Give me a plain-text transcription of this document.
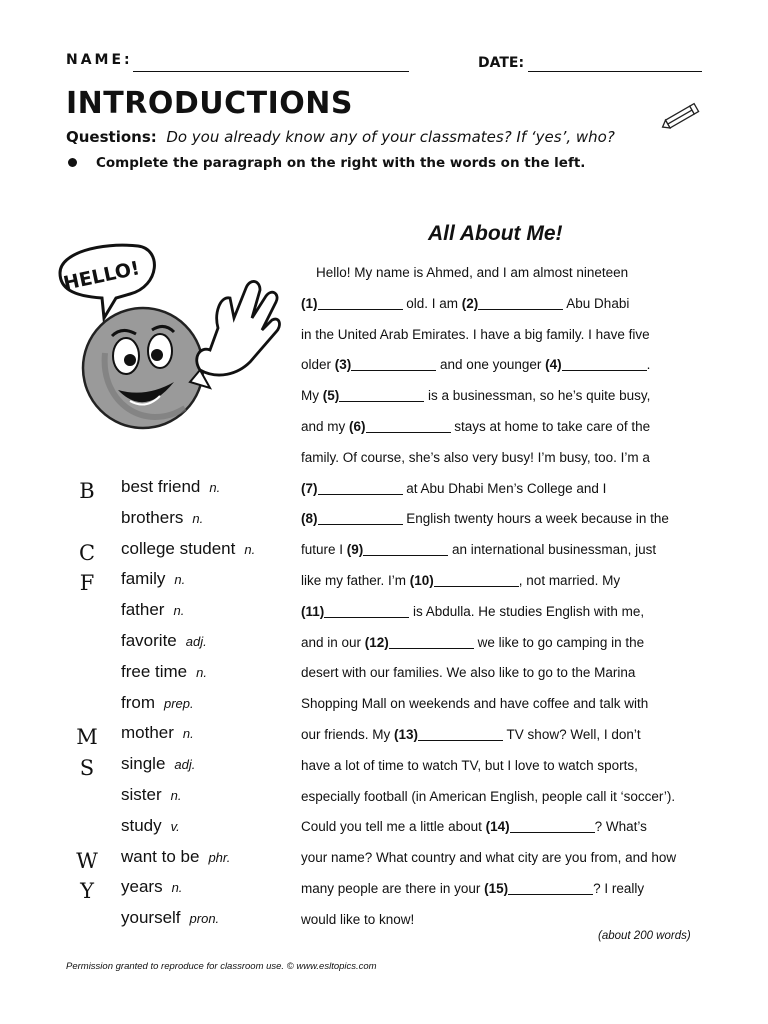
NAME:	DATE:
INTRODUCTIONS
Questions: Do you already know any of your classmates? If ‘yes’, who?
Complete the paragraph on the right with the words on the left.
HELLO!
B	best friend n.
brothers n.
C college student n.
F	family n.
father n.
favorite adj.
free time n.
from prep.
M mother n.
S	single adj.
sister n.
study v.
W want to be phr.
Y	years n.
yourself pron.
All About Me!
Hello! My name is Ahmed, and I am almost nineteen
(1)	old. I am (2)	Abu Dhabi
in the United Arab Emirates. I have a big family. I have five
older (3)	and one younger (4)	.
My (5)	is a businessman, so he’s quite busy,
and my (6)	stays at home to take care of the
family. Of course, she’s also very busy! I’m busy, too. I’m a
(7)	at Abu Dhabi Men’s College and I
(8)	English twenty hours a week because in the
future I (9)	an international businessman, just
like my father. I’m (10)	, not married. My
(11)	is Abdulla. He studies English with me,
and in our (12)	we like to go camping in the
desert with our families. We also like to go to the Marina
Shopping Mall on weekends and have coffee and talk with
our friends. My (13)	TV show? Well, I don’t
have a lot of time to watch TV, but I love to watch sports,
especially football (in American English, people call it ‘soccer’).
Could you tell me a little about (14)	? What’s
your name? What country and what city are you from, and how
many people are there in your (15)	? I really
would like to know!
(about 200 words)
Permission granted to reproduce for classroom use. © www.esltopics.com
